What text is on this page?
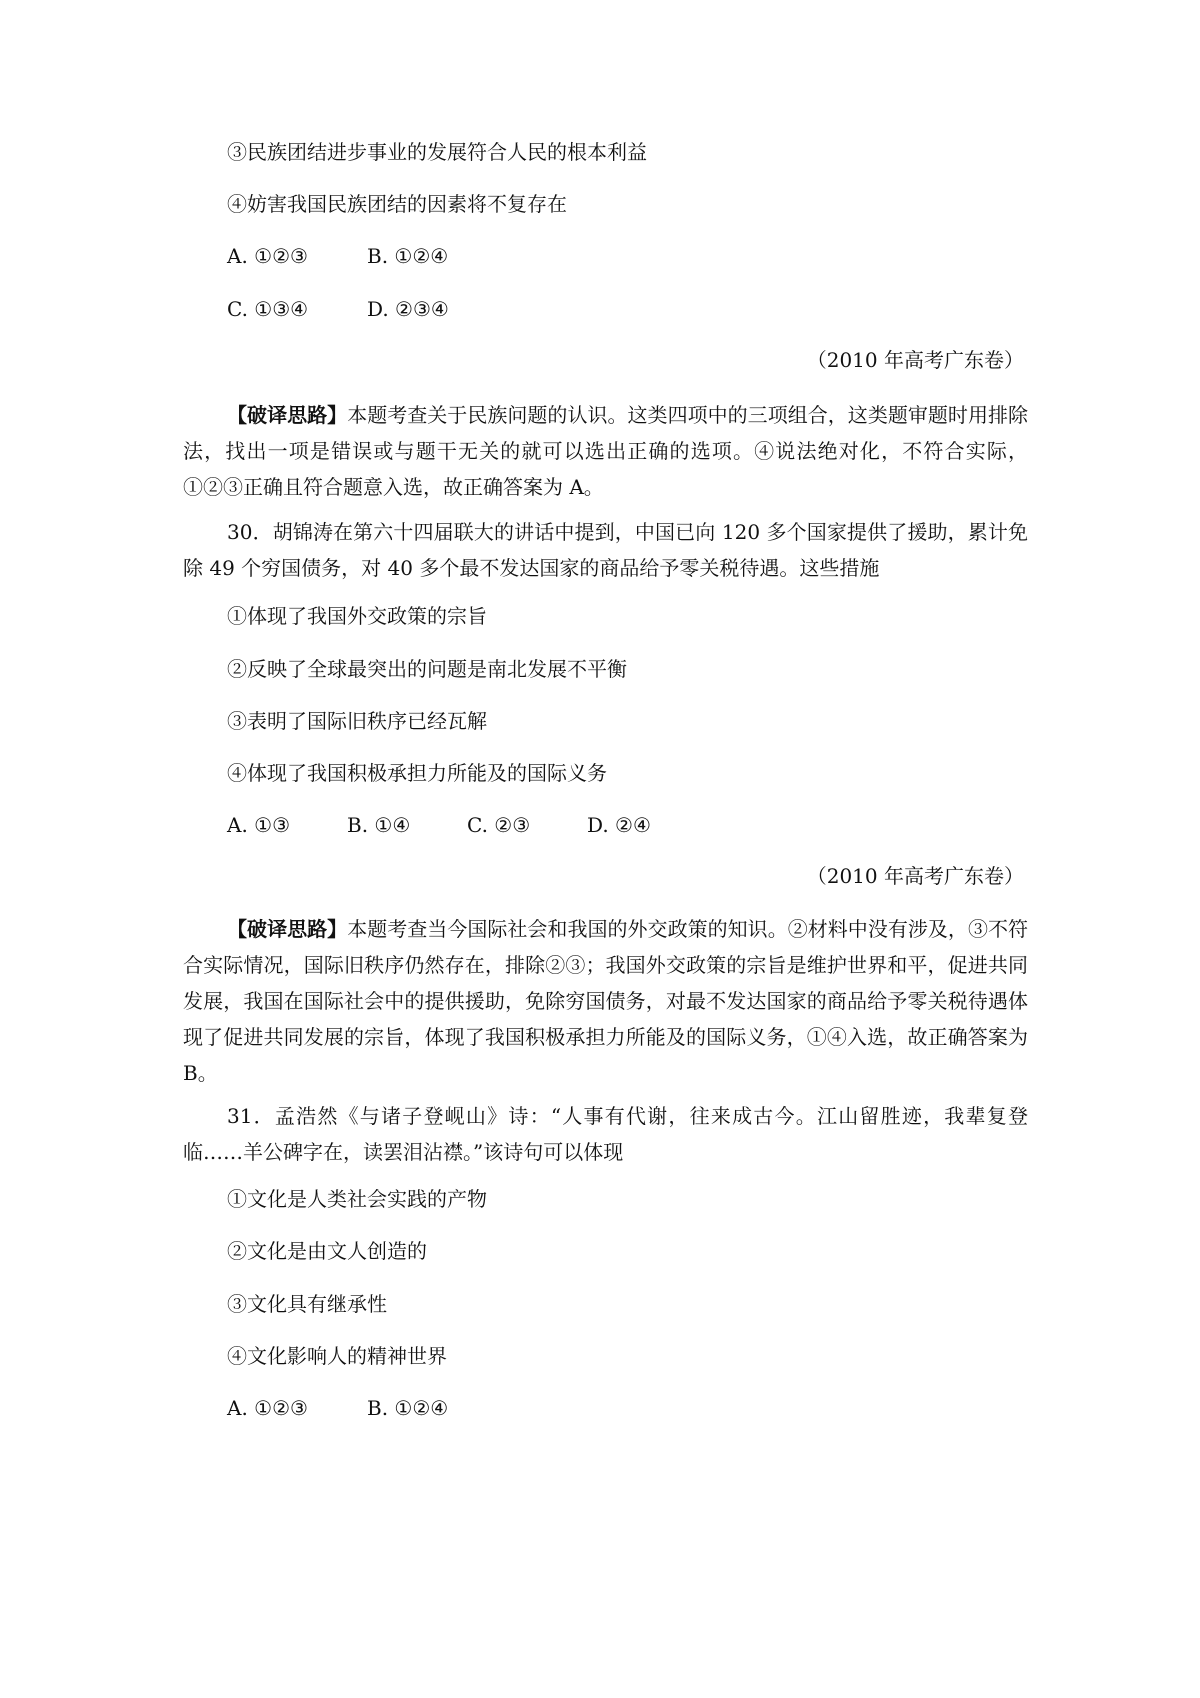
③民族团结进步事业的发展符合人民的根本利益
④妨害我国民族团结的因素将不复存在
A. ①②③	B. ①②④
C. ①③④	D. ②③④
（2010 年高考广东卷）
【破译思路】本题考查关于民族问题的认识。这类四项中的三项组合，这类题审题时用排除法，找出一项是错误或与题干无关的就可以选出正确的选项。④说法绝对化，不符合实际，①②③正确且符合题意入选，故正确答案为 A。
30．胡锦涛在第六十四届联大的讲话中提到，中国已向 120 多个国家提供了援助，累计免除 49 个穷国债务，对 40 多个最不发达国家的商品给予零关税待遇。这些措施
①体现了我国外交政策的宗旨
②反映了全球最突出的问题是南北发展不平衡
③表明了国际旧秩序已经瓦解
④体现了我国积极承担力所能及的国际义务
A. ①③	B. ①④	C. ②③	D. ②④
（2010 年高考广东卷）
【破译思路】本题考查当今国际社会和我国的外交政策的知识。②材料中没有涉及，③不符合实际情况，国际旧秩序仍然存在，排除②③；我国外交政策的宗旨是维护世界和平，促进共同发展，我国在国际社会中的提供援助，免除穷国债务，对最不发达国家的商品给予零关税待遇体现了促进共同发展的宗旨，体现了我国积极承担力所能及的国际义务，①④入选，故正确答案为 B。
31．孟浩然《与诸子登岘山》诗：“人事有代谢，往来成古今。江山留胜迹，我辈复登临……羊公碑字在，读罢泪沾襟。”该诗句可以体现
①文化是人类社会实践的产物
②文化是由文人创造的
③文化具有继承性
④文化影响人的精神世界
A. ①②③	B. ①②④
